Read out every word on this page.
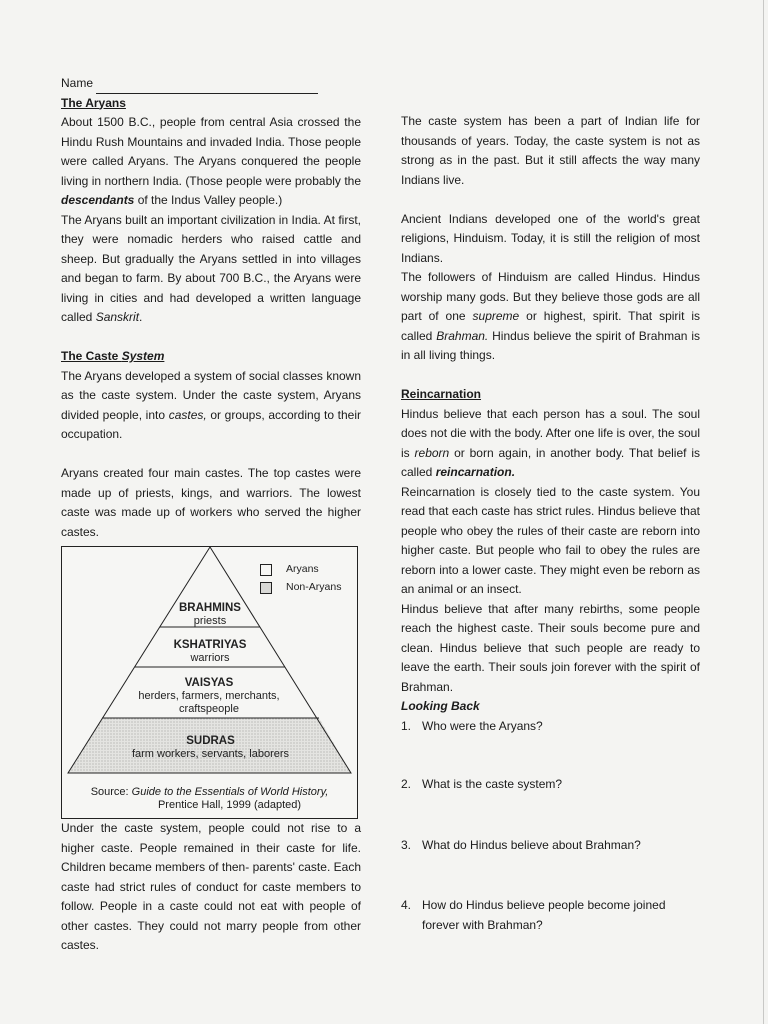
Name
The Aryans

About 1500 B.C., people from central Asia crossed the Hindu Rush Mountains and invaded India. Those people were called Aryans. The Aryans conquered the people living in northern India. (Those people were probably the descendants of the Indus Valley people.)

The Aryans built an important civilization in India. At first, they were nomadic herders who raised cattle and sheep. But gradually the Aryans settled in into villages and began to farm. By about 700 B.C., the Aryans were living in cities and had developed a written language called Sanskrit.

The Caste System

The Aryans developed a system of social classes known as the caste system. Under the caste system, Aryans divided people, into castes, or groups, according to their occupation.

Aryans created four main castes. The top castes were made up of priests, kings, and warriors. The lowest caste was made up of workers who served the higher castes.

Aryans
Non-Aryans
BRAHMINS
priests
KSHATRIYAS
warriors
VAISYAS
herders, farmers, merchants, craftspeople
SUDRAS
farm workers, servants, laborers
Source: Guide to the Essentials of World History,
Prentice Hall, 1999 (adapted)

Under the caste system, people could not rise to a higher caste. People remained in their caste for life. Children became members of then- parents' caste. Each caste had strict rules of conduct for caste members to follow. People in a caste could not eat with people of other castes. They could not marry people from other castes.

The caste system has been a part of Indian life for thousands of years. Today, the caste system is not as strong as in the past. But it still affects the way many Indians live.

Ancient Indians developed one of the world's great religions, Hinduism. Today, it is still the religion of most Indians.

The followers of Hinduism are called Hindus. Hindus worship many gods. But they believe those gods are all part of one supreme or highest, spirit. That spirit is called Brahman. Hindus believe the spirit of Brahman is in all living things.

Reincarnation

Hindus believe that each person has a soul. The soul does not die with the body. After one life is over, the soul is reborn or born again, in another body. That belief is called reincarnation.

Reincarnation is closely tied to the caste system. You read that each caste has strict rules. Hindus believe that people who obey the rules of their caste are reborn into higher caste. But people who fail to obey the rules are reborn into a lower caste. They might even be reborn as an animal or an insect.

Hindus believe that after many rebirths, some people reach the highest caste. Their souls become pure and clean. Hindus believe that such people are ready to leave the earth. Their souls join forever with the spirit of Brahman.

Looking Back
1. Who were the Aryans?
2. What is the caste system?
3. What do Hindus believe about Brahman?
4. How do Hindus believe people become joined forever with Brahman?
